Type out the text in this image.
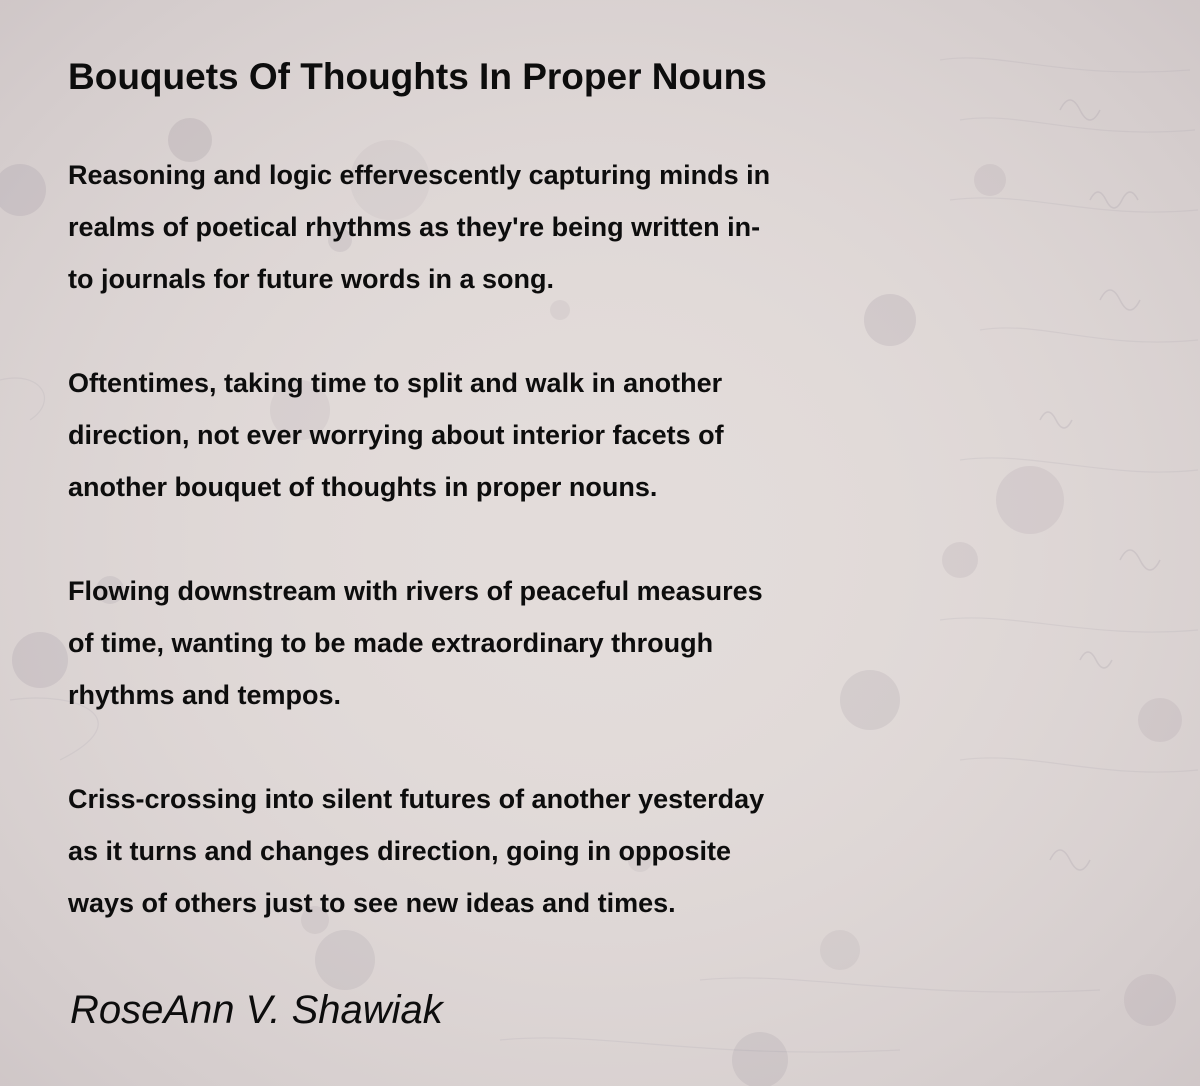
Bouquets Of Thoughts In Proper Nouns
Reasoning and logic effervescently capturing minds in
realms of poetical rhythms as they're being written in-
to journals for future words in a song.
Oftentimes, taking time to split and walk in another
direction, not ever worrying about interior facets of
another bouquet of thoughts in proper nouns.
Flowing downstream with rivers of peaceful measures
of time, wanting to be made extraordinary through
rhythms and tempos.
Criss-crossing into silent futures of another yesterday
as it turns and changes direction, going in opposite
ways of others just to see new ideas and times.

RoseAnn V. Shawiak
